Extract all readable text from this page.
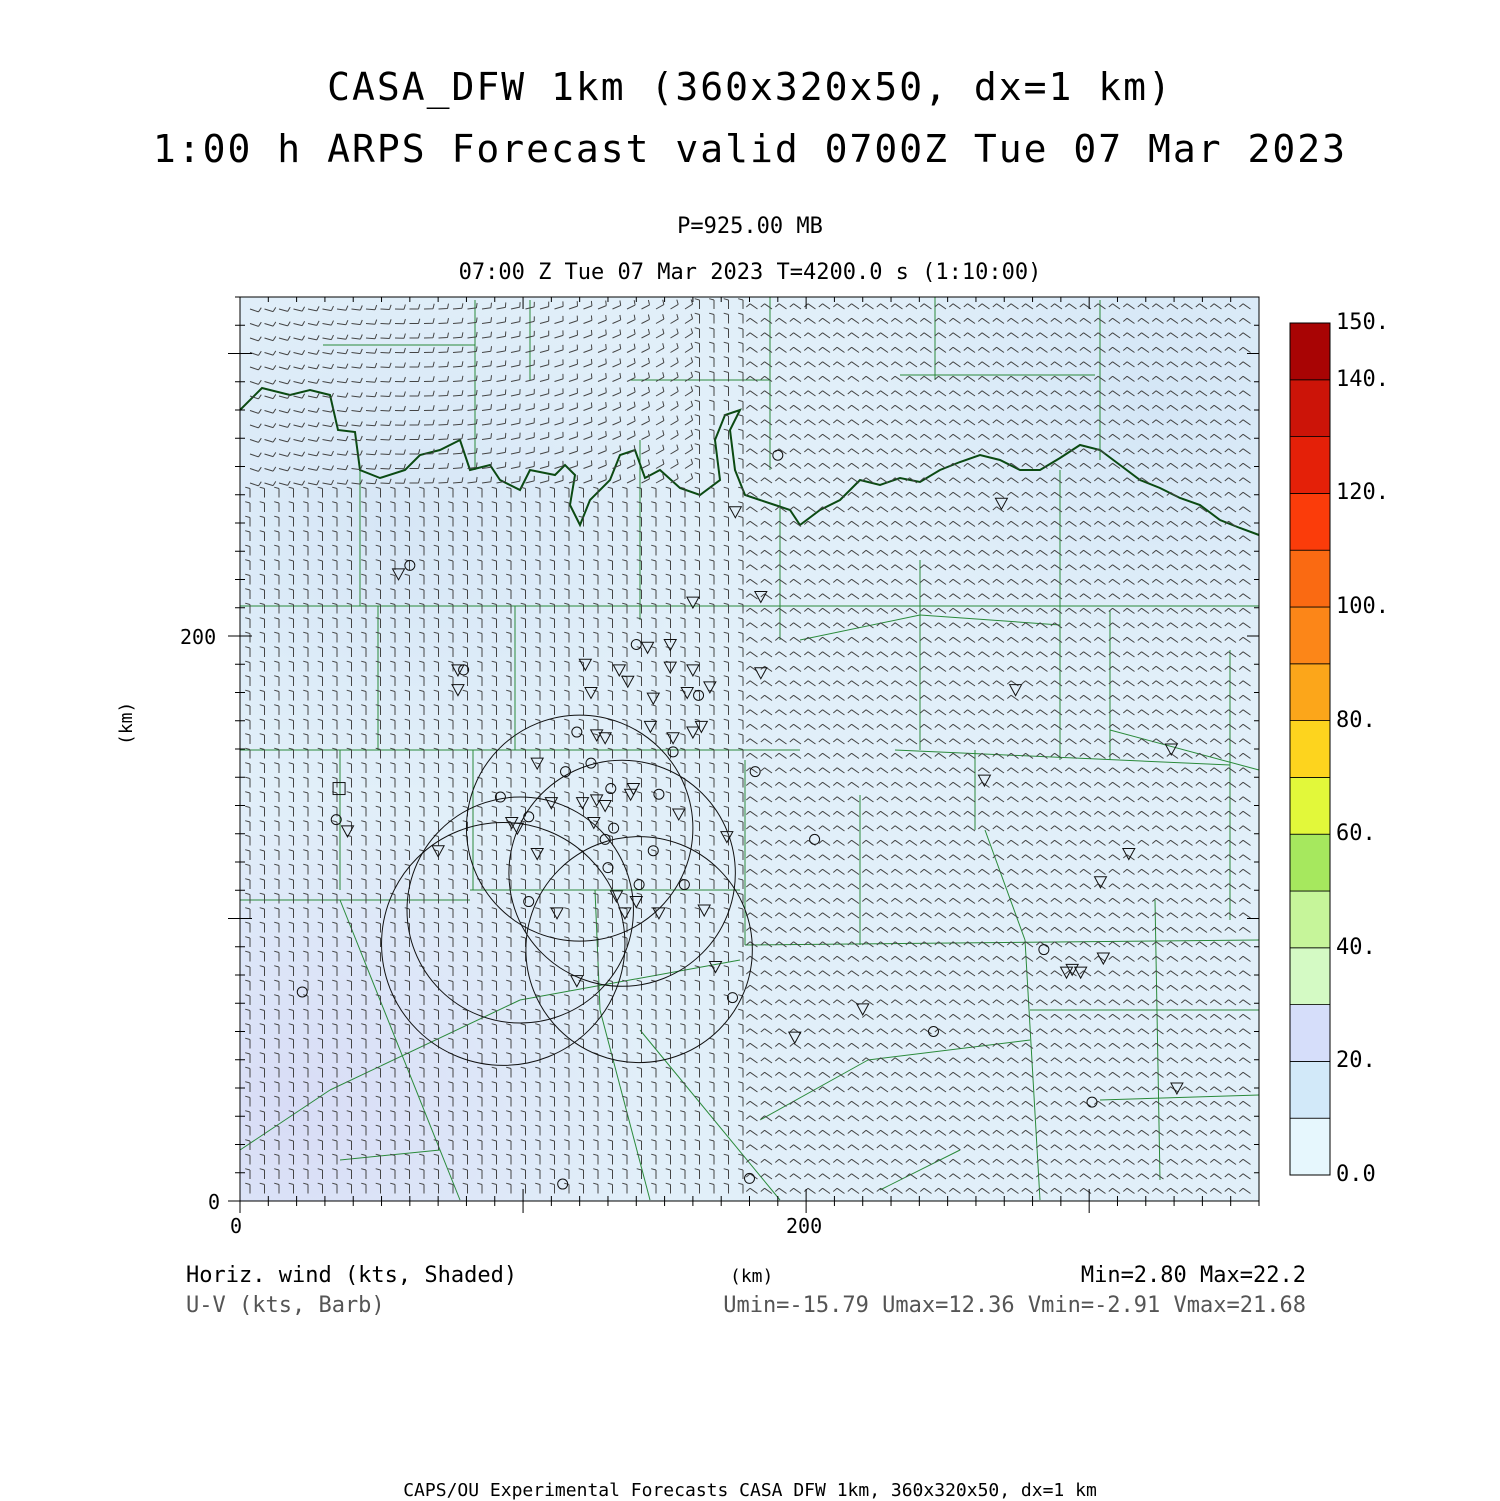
CASA_DFW 1km (360x320x50, dx=1 km)
1:00 h ARPS Forecast valid 0700Z Tue 07 Mar 2023
P=925.00 MB
07:00 Z Tue 07 Mar 2023 T=4200.0 s (1:10:00)
(km)
0	200
0
200
Horiz. wind (kts, Shaded)
U-V (kts, Barb)
(km)	Min=2.80 Max=22.2
Umin=-15.79 Umax=12.36 Vmin=-2.91 Vmax=21.68
0.0
20.
40.
60.
80.
100.
120.
140.
150.
CAPS/OU Experimental Forecasts CASA DFW 1km, 360x320x50, dx=1 km
